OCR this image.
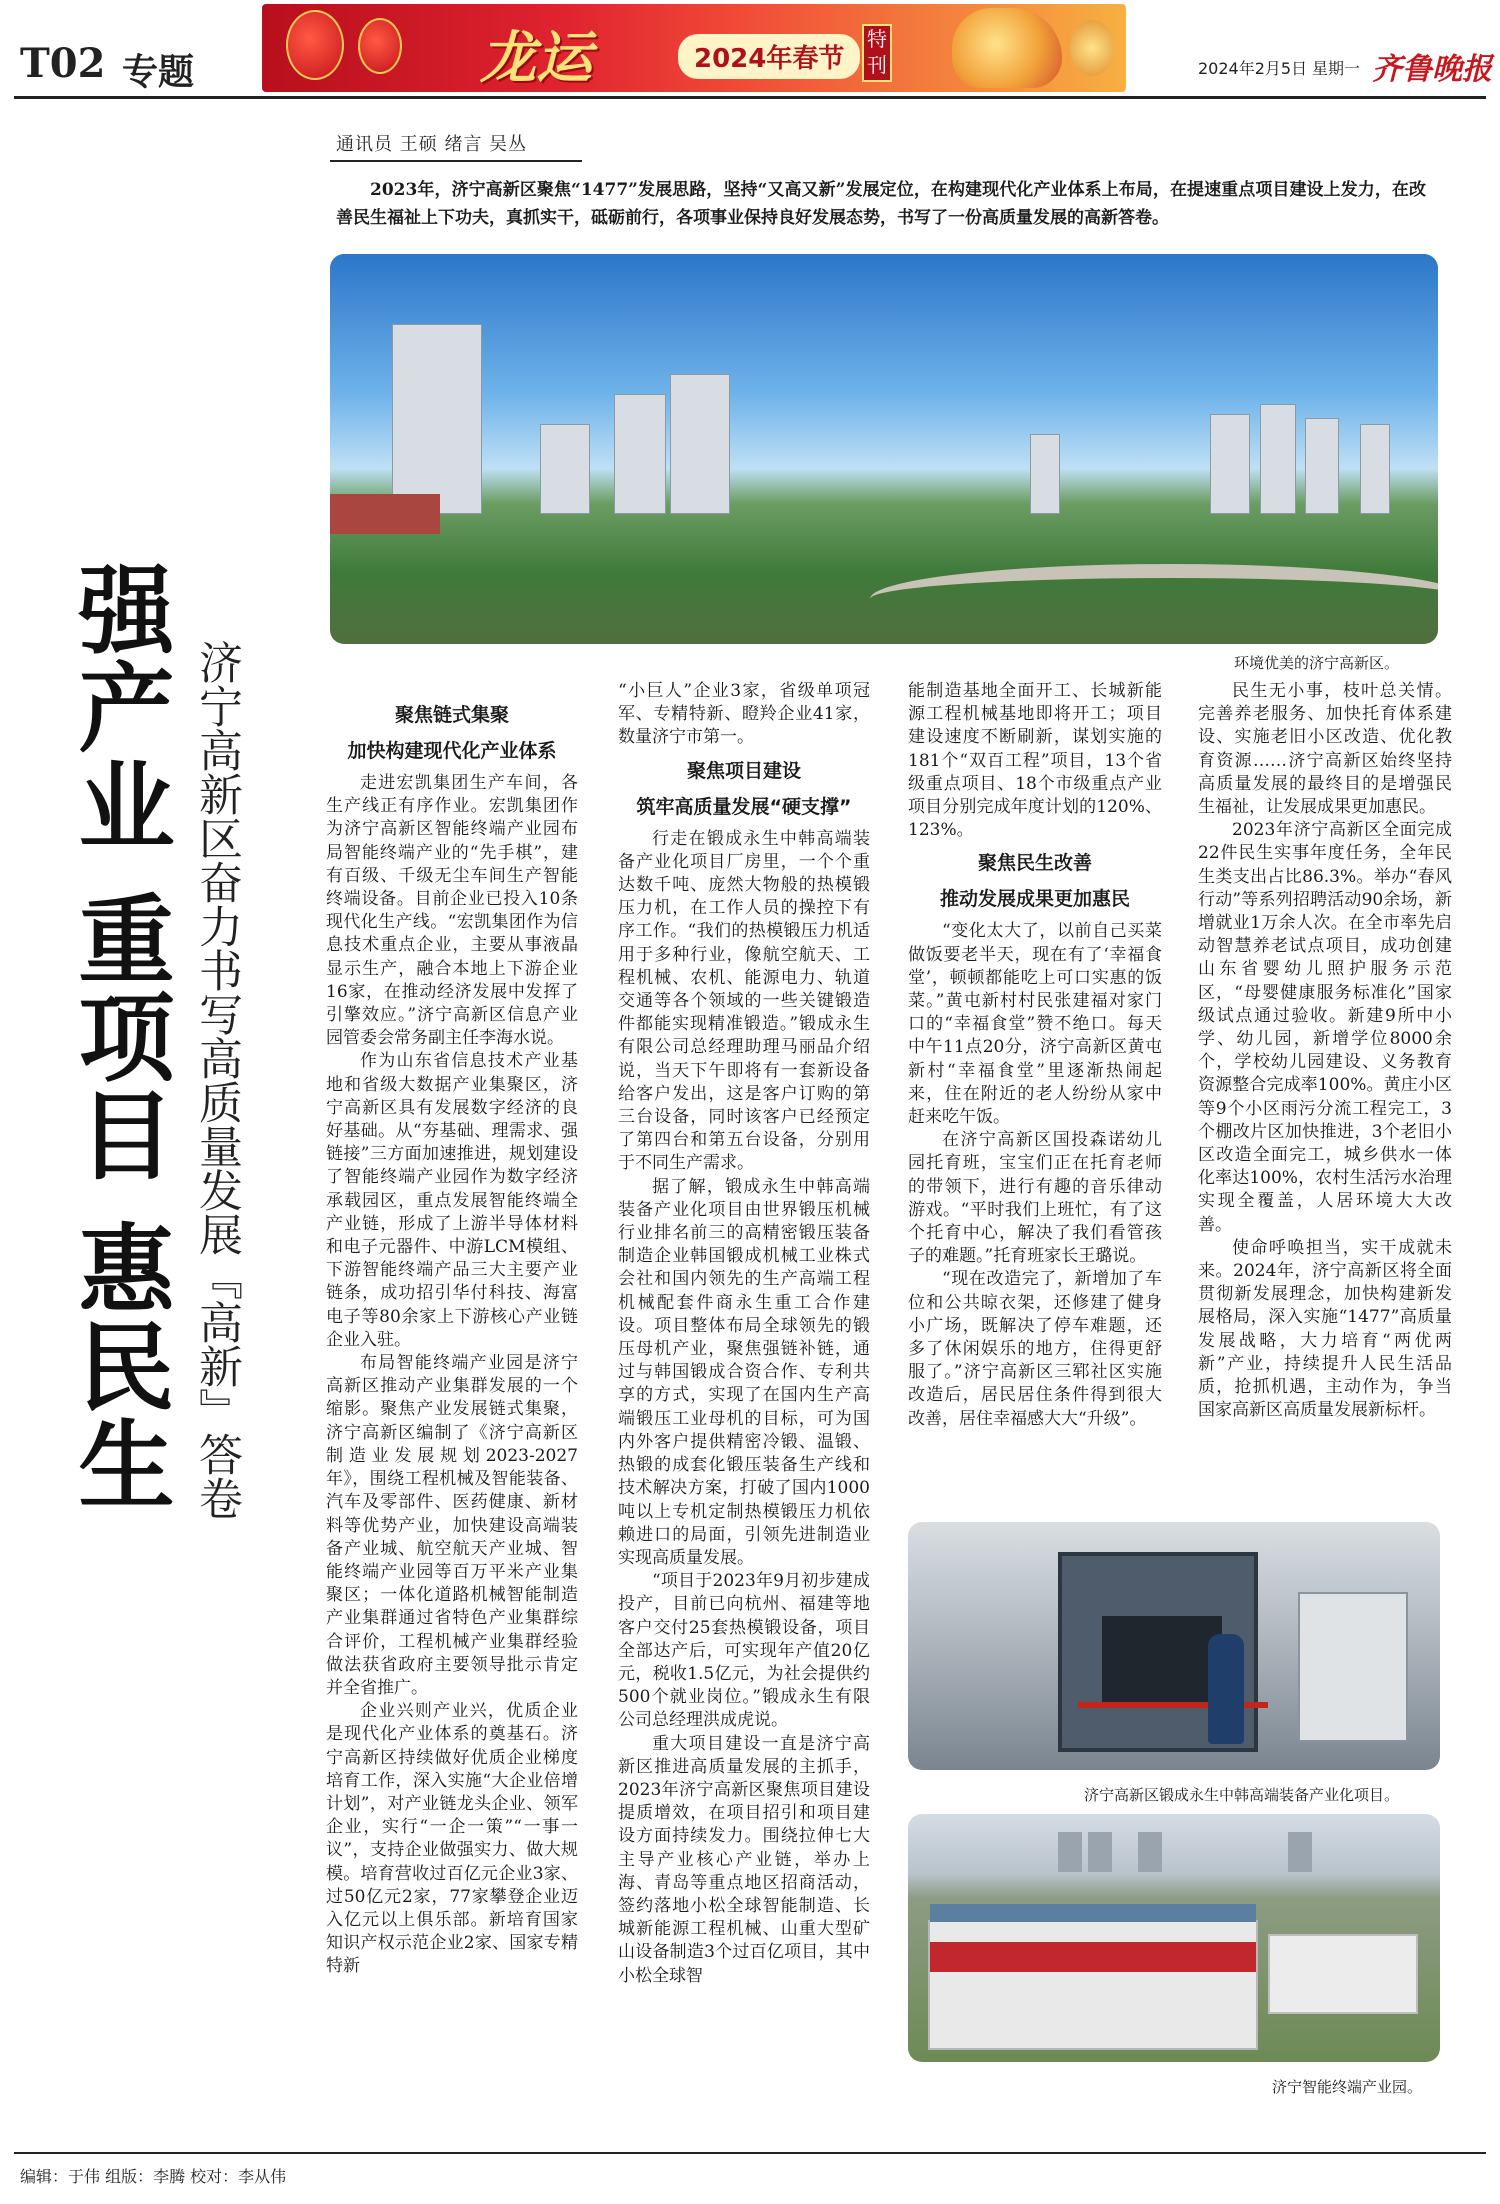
T02 专题	龙运	2024年春节
特刊	2024年2月5日 星期一 齐鲁晚报
通讯员 王硕 绪言 吴丛
2023年，济宁高新区聚焦“1477”发展思路，坚持“又高又新”发展定位，在构建现代化产业体系上布局，在提速重点项目建设上发力，在改善民生福祉上下功夫，真抓实干，砥砺前行，各项事业保持良好发展态势，书写了一份高质量发展的高新答卷。
环境优美的济宁高新区。
强产业 重项目 惠民生 济宁高新区奋力书写高质量发展『高新』答卷	聚焦链式集聚
加快构建现代化产业体系

走进宏凯集团生产车间，各生产线正有序作业。宏凯集团作为济宁高新区智能终端产业园布局智能终端产业的“先手棋”，建有百级、千级无尘车间生产智能终端设备。目前企业已投入10条现代化生产线。“宏凯集团作为信息技术重点企业，主要从事液晶显示生产，融合本地上下游企业16家，在推动经济发展中发挥了引擎效应。”济宁高新区信息产业园管委会常务副主任李海水说。

作为山东省信息技术产业基地和省级大数据产业集聚区，济宁高新区具有发展数字经济的良好基础。从“夯基础、理需求、强链接”三方面加速推进，规划建设了智能终端产业园作为数字经济承载园区，重点发展智能终端全产业链，形成了上游半导体材料和电子元器件、中游LCM模组、下游智能终端产品三大主要产业链条，成功招引华付科技、海富电子等80余家上下游核心产业链企业入驻。

布局智能终端产业园是济宁高新区推动产业集群发展的一个缩影。聚焦产业发展链式集聚，济宁高新区编制了《济宁高新区制造业发展规划2023-2027年》，围绕工程机械及智能装备、汽车及零部件、医药健康、新材料等优势产业，加快建设高端装备产业城、航空航天产业城、智能终端产业园等百万平米产业集聚区；一体化道路机械智能制造产业集群通过省特色产业集群综合评价，工程机械产业集群经验做法获省政府主要领导批示肯定并全省推广。

企业兴则产业兴，优质企业是现代化产业体系的奠基石。济宁高新区持续做好优质企业梯度培育工作，深入实施“大企业倍增计划”，对产业链龙头企业、领军企业，实行“一企一策”“一事一议”，支持企业做强实力、做大规模。培育营收过百亿元企业3家、过50亿元2家，77家攀登企业迈入亿元以上俱乐部。新培育国家知识产权示范企业2家、国家专精特新

“小巨人”企业3家，省级单项冠军、专精特新、瞪羚企业41家，数量济宁市第一。

聚焦项目建设
筑牢高质量发展“硬支撑”

行走在锻成永生中韩高端装备产业化项目厂房里，一个个重达数千吨、庞然大物般的热模锻压力机，在工作人员的操控下有序工作。“我们的热模锻压力机适用于多种行业，像航空航天、工程机械、农机、能源电力、轨道交通等各个领域的一些关键锻造件都能实现精准锻造。”锻成永生有限公司总经理助理马丽品介绍说，当天下午即将有一套新设备给客户发出，这是客户订购的第三台设备，同时该客户已经预定了第四台和第五台设备，分别用于不同生产需求。

据了解，锻成永生中韩高端装备产业化项目由世界锻压机械行业排名前三的高精密锻压装备制造企业韩国锻成机械工业株式会社和国内领先的生产高端工程机械配套件商永生重工合作建设。项目整体布局全球领先的锻压母机产业，聚焦强链补链，通过与韩国锻成合资合作、专利共享的方式，实现了在国内生产高端锻压工业母机的目标，可为国内外客户提供精密冷锻、温锻、热锻的成套化锻压装备生产线和技术解决方案，打破了国内1000吨以上专机定制热模锻压力机依赖进口的局面，引领先进制造业实现高质量发展。

“项目于2023年9月初步建成投产，目前已向杭州、福建等地客户交付25套热模锻设备，项目全部达产后，可实现年产值20亿元，税收1.5亿元，为社会提供约500个就业岗位。”锻成永生有限公司总经理洪成虎说。

重大项目建设一直是济宁高新区推进高质量发展的主抓手，2023年济宁高新区聚焦项目建设提质增效，在项目招引和项目建设方面持续发力。围绕拉伸七大主导产业核心产业链，举办上海、青岛等重点地区招商活动，签约落地小松全球智能制造、长城新能源工程机械、山重大型矿山设备制造3个过百亿项目，其中小松全球智

能制造基地全面开工、长城新能源工程机械基地即将开工；项目建设速度不断刷新，谋划实施的181个“双百工程”项目，13个省级重点项目、18个市级重点产业项目分别完成年度计划的120%、123%。

聚焦民生改善
推动发展成果更加惠民

“变化太大了，以前自己买菜做饭要老半天，现在有了‘幸福食堂’，顿顿都能吃上可口实惠的饭菜。”黄屯新村村民张建福对家门口的“幸福食堂”赞不绝口。每天中午11点20分，济宁高新区黄屯新村“幸福食堂”里逐渐热闹起来，住在附近的老人纷纷从家中赶来吃午饭。

在济宁高新区国投森诺幼儿园托育班，宝宝们正在托育老师的带领下，进行有趣的音乐律动游戏。“平时我们上班忙，有了这个托育中心，解决了我们看管孩子的难题。”托育班家长王璐说。

“现在改造完了，新增加了车位和公共晾衣架，还修建了健身小广场，既解决了停车难题，还多了休闲娱乐的地方，住得更舒服了。”济宁高新区三郓社区实施改造后，居民居住条件得到很大改善，居住幸福感大大“升级”。

民生无小事，枝叶总关情。完善养老服务、加快托育体系建设、实施老旧小区改造、优化教育资源……济宁高新区始终坚持高质量发展的最终目的是增强民生福祉，让发展成果更加惠民。

2023年济宁高新区全面完成22件民生实事年度任务，全年民生类支出占比86.3%。举办“春风行动”等系列招聘活动90余场，新增就业1万余人次。在全市率先启动智慧养老试点项目，成功创建山东省婴幼儿照护服务示范区，“母婴健康服务标准化”国家级试点通过验收。新建9所中小学、幼儿园，新增学位8000余个，学校幼儿园建设、义务教育资源整合完成率100%。黄庄小区等9个小区雨污分流工程完工，3个棚改片区加快推进，3个老旧小区改造全面完工，城乡供水一体化率达100%，农村生活污水治理实现全覆盖，人居环境大大改善。

使命呼唤担当，实干成就未来。2024年，济宁高新区将全面贯彻新发展理念，加快构建新发展格局，深入实施“1477”高质量发展战略，大力培育“两优两新”产业，持续提升人民生活品质，抢抓机遇，主动作为，争当国家高新区高质量发展新标杆。

济宁高新区锻成永生中韩高端装备产业化项目。
济宁智能终端产业园。
编辑：于伟 组版：李腾 校对：李从伟
